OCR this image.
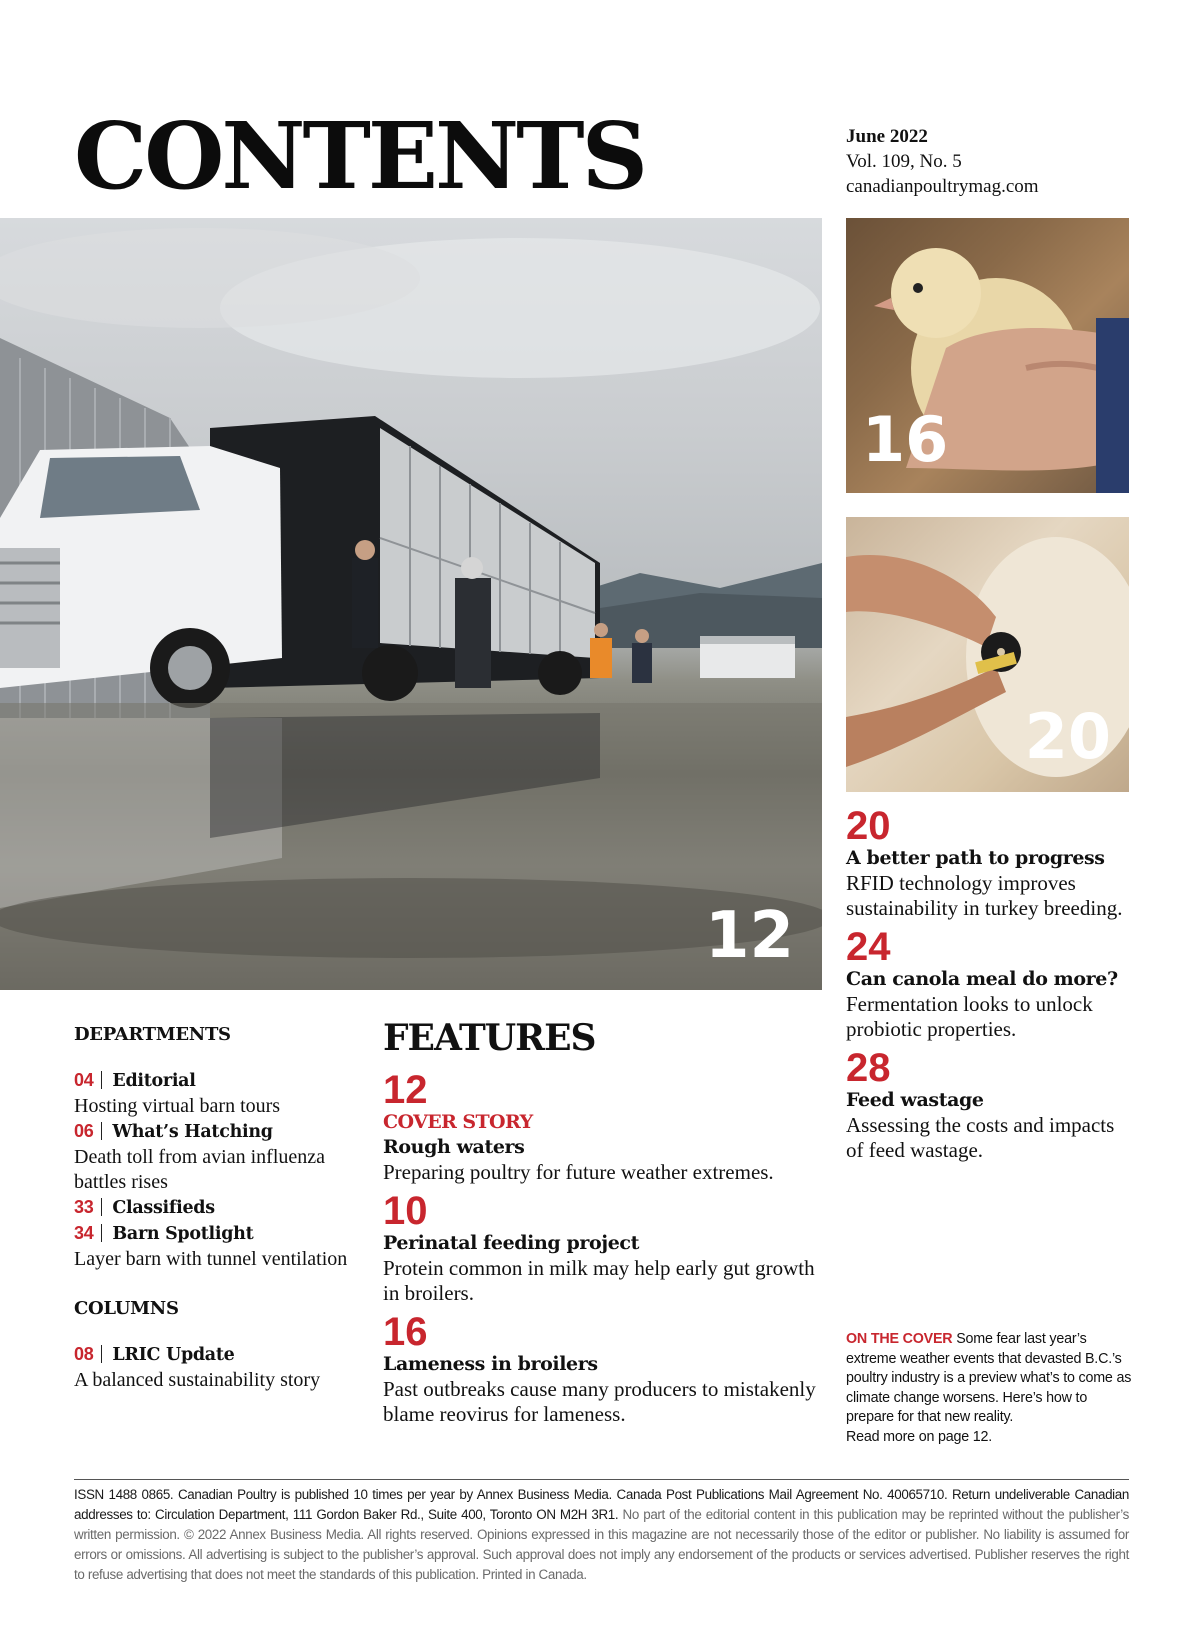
CONTENTS	June 2022
Vol. 109, No. 5
canadianpoultrymag.com
12
16
20
20
A better path to progress
RFID technology improves sustainability in turkey breeding.
24
Can canola meal do more?
Fermentation looks to unlock probiotic properties.
28
Feed wastage
Assessing the costs and impacts of feed wastage.
FEATURES
12
COVER STORY
Rough waters
Preparing poultry for future weather extremes.
10
Perinatal feeding project
Protein common in milk may help early gut growth in broilers.
16
Lameness in broilers
Past outbreaks cause many producers to mistakenly blame reovirus for lameness.
DEPARTMENTS
04 Editorial
Hosting virtual barn tours
06 What’s Hatching
Death toll from avian influenza battles rises
33 Classifieds
34 Barn Spotlight
Layer barn with tunnel ventilation
COLUMNS
08 LRIC Update
A balanced sustainability story
ON THE COVER Some fear last year’s extreme weather events that devasted B.C.’s poultry industry is a preview what’s to come as climate change worsens. Here’s how to prepare for that new reality.
Read more on page 12.
ISSN 1488 0865. Canadian Poultry is published 10 times per year by Annex Business Media. Canada Post Publications Mail Agreement No. 40065710. Return undeliverable Canadian addresses to: Circulation Department, 111 Gordon Baker Rd., Suite 400, Toronto ON M2H 3R1. No part of the editorial content in this publication may be reprinted without the publisher’s written permission. © 2022 Annex Business Media. All rights reserved. Opinions expressed in this magazine are not necessarily those of the editor or publisher. No liability is assumed for errors or omissions. All advertising is subject to the publisher’s approval. Such approval does not imply any endorsement of the products or services advertised. Publisher reserves the right to refuse advertising that does not meet the standards of this publication. Printed in Canada.
